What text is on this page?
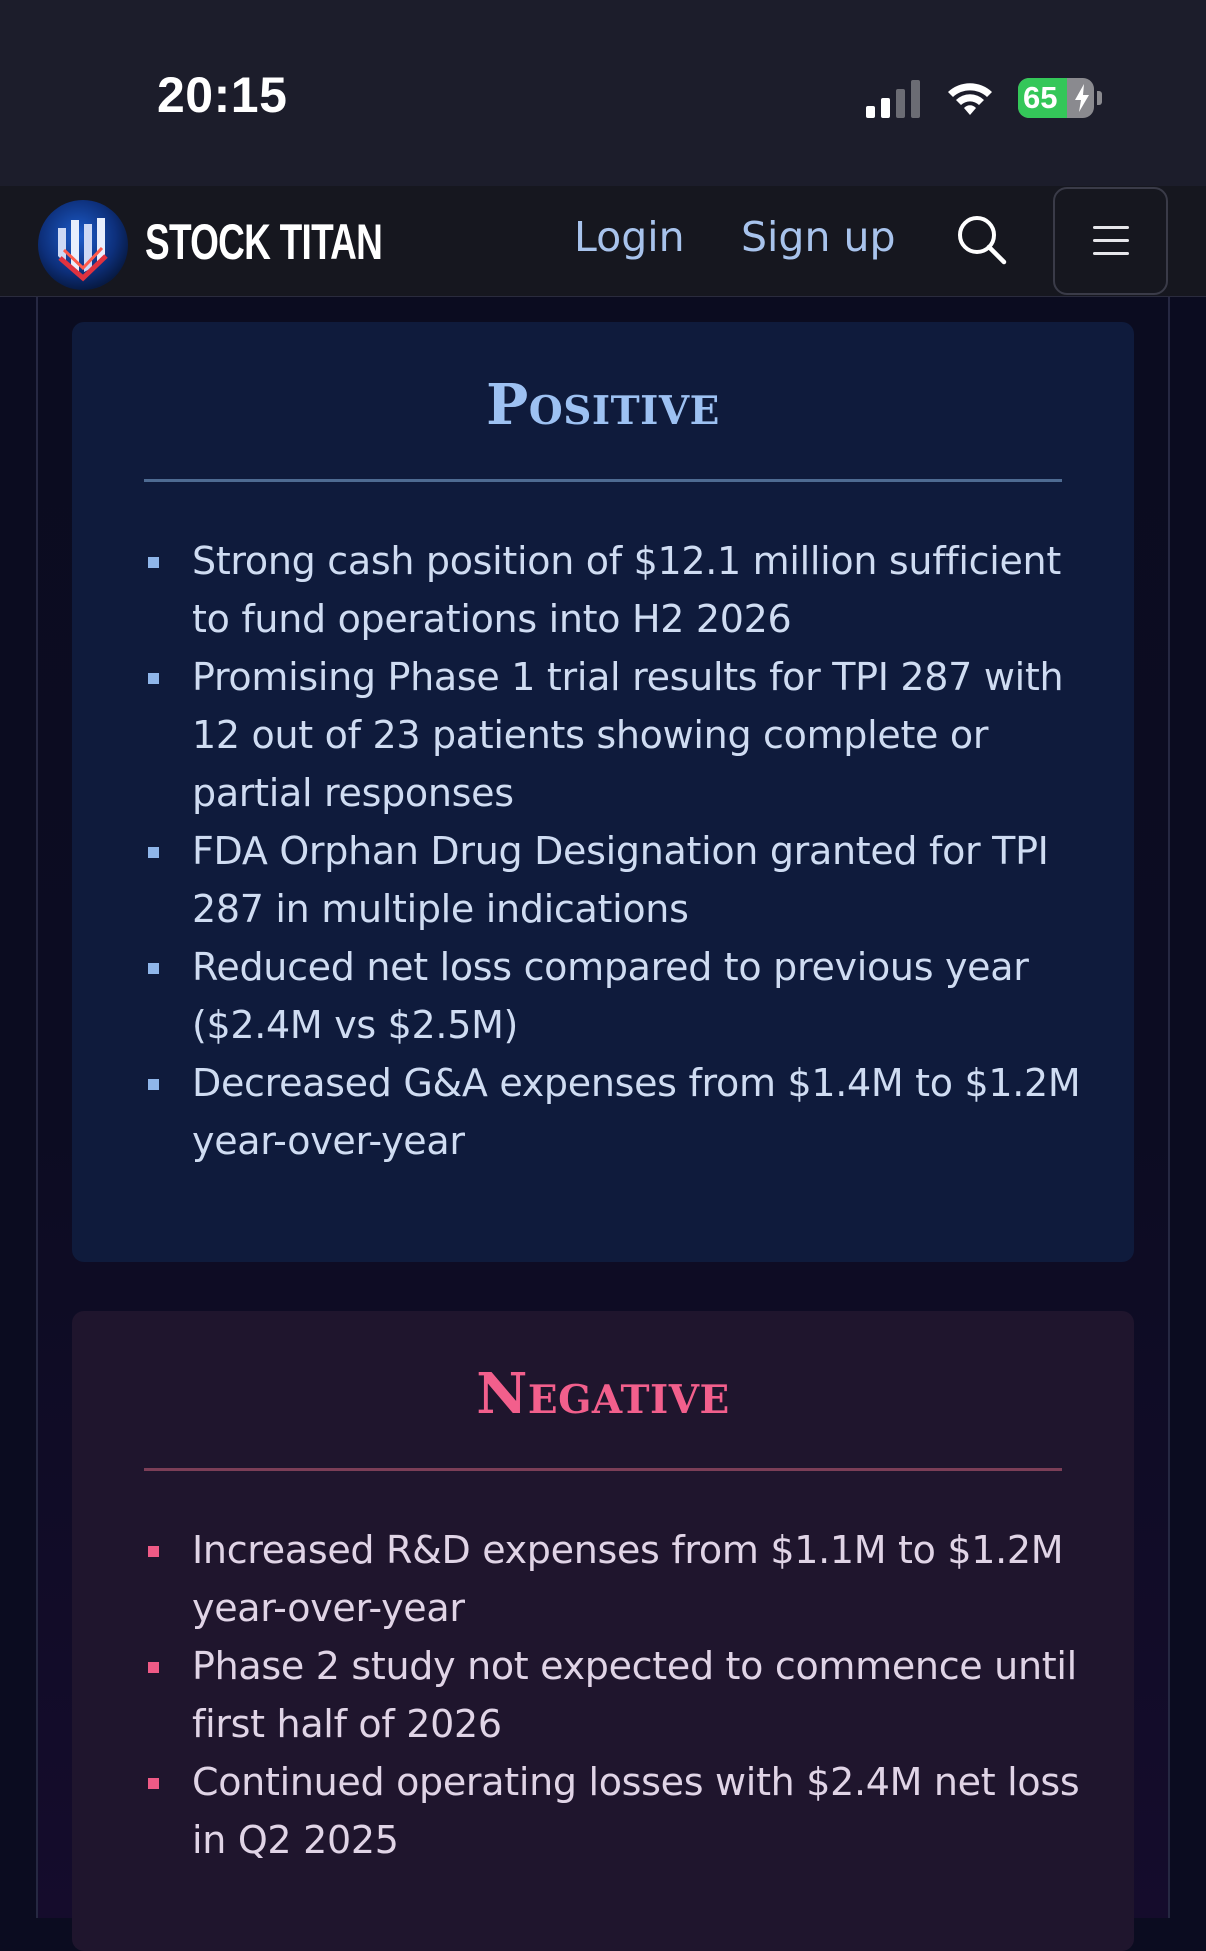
20:15	65
STOCK TITAN	Login Sign up
Positive
Strong cash position of $12.1 million sufficient to fund operations into H2 2026
Promising Phase 1 trial results for TPI 287 with 12 out of 23 patients showing complete or partial responses
FDA Orphan Drug Designation granted for TPI 287 in multiple indications
Reduced net loss compared to previous year ($2.4M vs $2.5M)
Decreased G&A expenses from $1.4M to $1.2M year-over-year
Negative
Increased R&D expenses from $1.1M to $1.2M year-over-year
Phase 2 study not expected to commence until first half of 2026
Continued operating losses with $2.4M net loss in Q2 2025
